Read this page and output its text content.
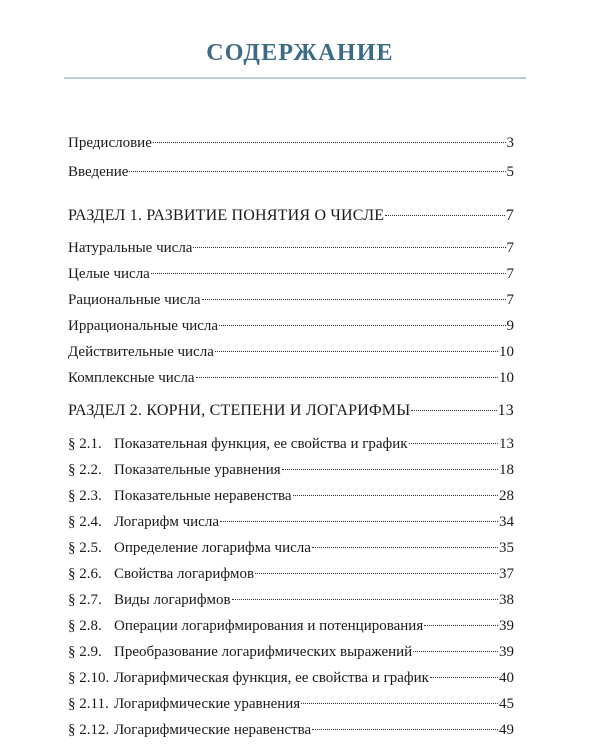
СОДЕРЖАНИЕ
Предисловие	3
Введение	5
РАЗДЕЛ 1. РАЗВИТИЕ ПОНЯТИЯ О ЧИСЛЕ	7
Натуральные числа	7
Целые числа	7
Рациональные числа	7
Иррациональные числа	9
Действительные числа	10
Комплексные числа	10
РАЗДЕЛ 2. КОРНИ, СТЕПЕНИ И ЛОГАРИФМЫ	13
§ 2.1. Показательная функция, ее свойства и график	13
§ 2.2. Показательные уравнения	18
§ 2.3. Показательные неравенства	28
§ 2.4. Логарифм числа	34
§ 2.5. Определение логарифма числа	35
§ 2.6. Свойства логарифмов	37
§ 2.7. Виды логарифмов	38
§ 2.8. Операции логарифмирования и потенцирования	39
§ 2.9. Преобразование логарифмических выражений	39
§ 2.10. Логарифмическая функция, ее свойства и график	40
§ 2.11. Логарифмические уравнения	45
§ 2.12. Логарифмические неравенства	49
